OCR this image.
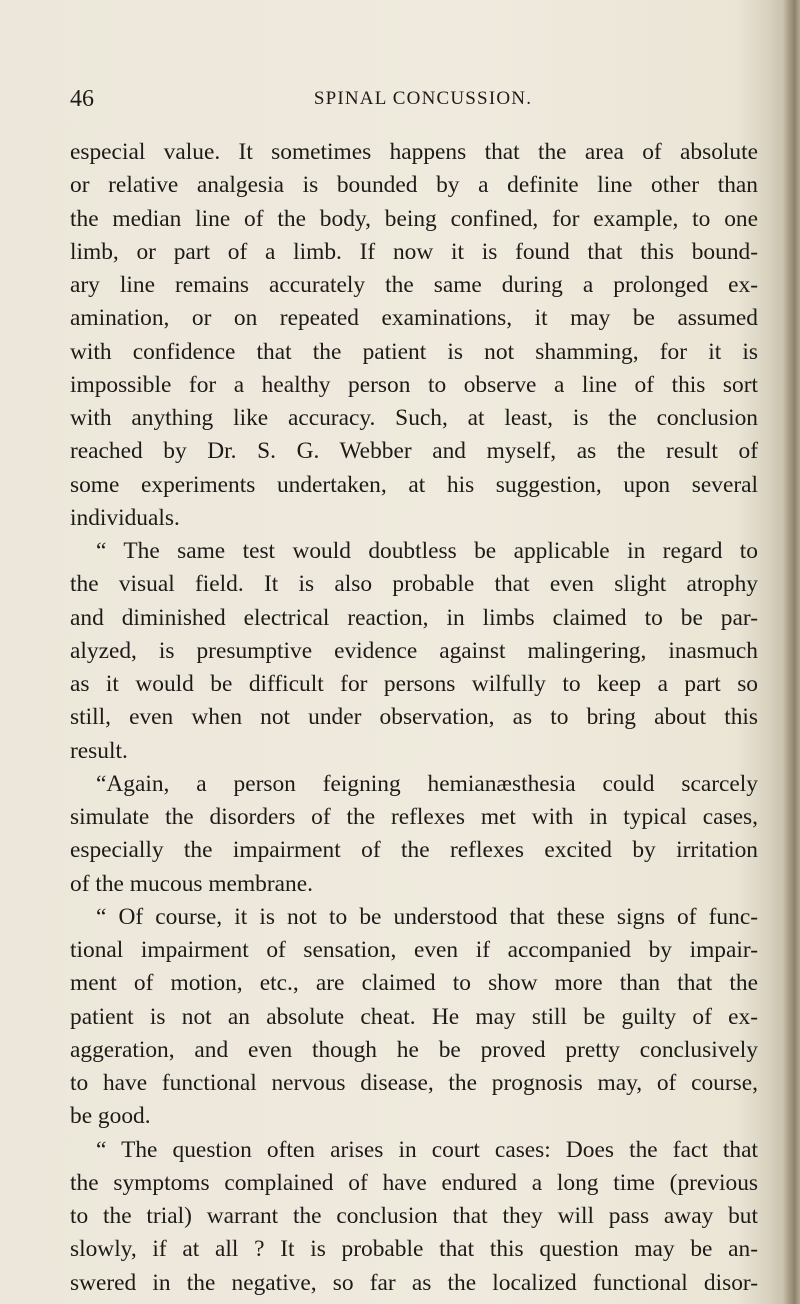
46	SPINAL CONCUSSION.
especial value. It sometimes happens that the area of absolute
or relative analgesia is bounded by a definite line other than
the median line of the body, being confined, for example, to one
limb, or part of a limb. If now it is found that this bound-
ary line remains accurately the same during a prolonged ex-
amination, or on repeated examinations, it may be assumed
with confidence that the patient is not shamming, for it is
impossible for a healthy person to observe a line of this sort
with anything like accuracy. Such, at least, is the conclusion
reached by Dr. S. G. Webber and myself, as the result of
some experiments undertaken, at his suggestion, upon several
individuals.
“ The same test would doubtless be applicable in regard to
the visual field. It is also probable that even slight atrophy
and diminished electrical reaction, in limbs claimed to be par-
alyzed, is presumptive evidence against malingering, inasmuch
as it would be difficult for persons wilfully to keep a part so
still, even when not under observation, as to bring about this
result.
“Again, a person feigning hemianæsthesia could scarcely
simulate the disorders of the reflexes met with in typical cases,
especially the impairment of the reflexes excited by irritation
of the mucous membrane.
“ Of course, it is not to be understood that these signs of func-
tional impairment of sensation, even if accompanied by impair-
ment of motion, etc., are claimed to show more than that the
patient is not an absolute cheat. He may still be guilty of ex-
aggeration, and even though he be proved pretty conclusively
to have functional nervous disease, the prognosis may, of course,
be good.
“ The question often arises in court cases: Does the fact that
the symptoms complained of have endured a long time (previous
to the trial) warrant the conclusion that they will pass away but
slowly, if at all ? It is probable that this question may be an-
swered in the negative, so far as the localized functional disor-
